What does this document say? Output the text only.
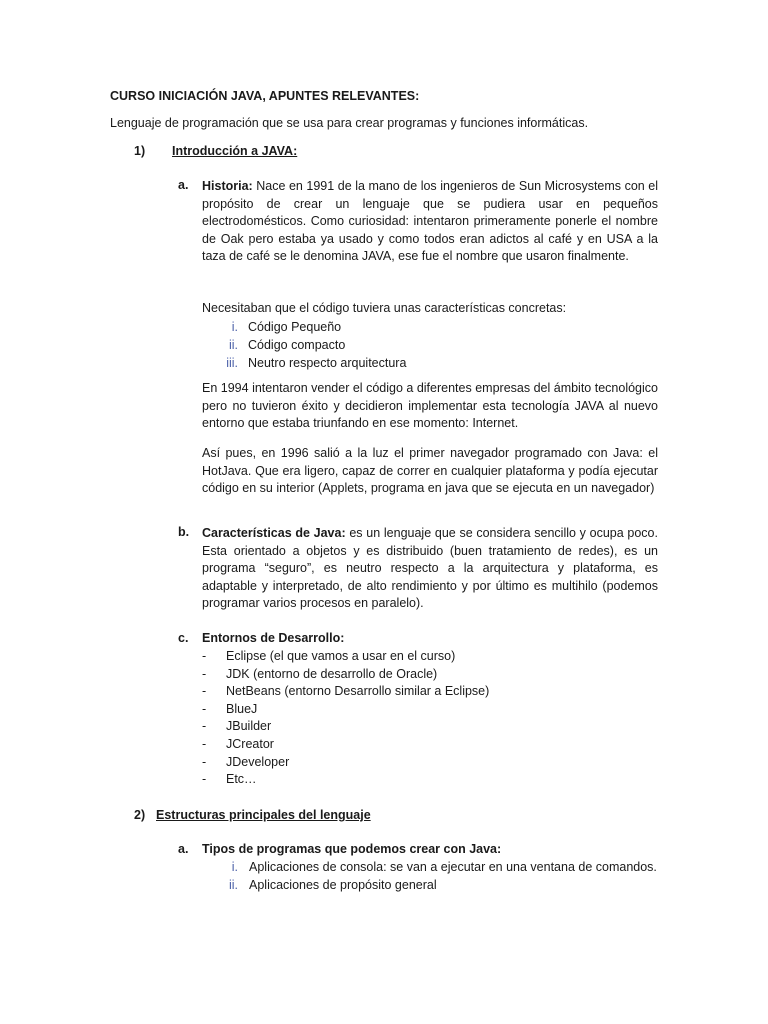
CURSO INICIACIÓN JAVA, APUNTES RELEVANTES:
Lenguaje de programación que se usa para crear programas y funciones informáticas.
1) Introducción a JAVA:
a. Historia: Nace en 1991 de la mano de los ingenieros de Sun Microsystems con el propósito de crear un lenguaje que se pudiera usar en pequeños electrodomésticos. Como curiosidad: intentaron primeramente ponerle el nombre de Oak pero estaba ya usado y como todos eran adictos al café y en USA a la taza de café se le denomina JAVA, ese fue el nombre que usaron finalmente.
Necesitaban que el código tuviera unas características concretas:
i. Código Pequeño
ii. Código compacto
iii. Neutro respecto arquitectura
En 1994 intentaron vender el código a diferentes empresas del ámbito tecnológico pero no tuvieron éxito y decidieron implementar esta tecnología JAVA al nuevo entorno que estaba triunfando en ese momento: Internet.
Así pues, en 1996 salió a la luz el primer navegador programado con Java: el HotJava. Que era ligero, capaz de correr en cualquier plataforma y podía ejecutar código en su interior (Applets, programa en java que se ejecuta en un navegador)
b. Características de Java: es un lenguaje que se considera sencillo y ocupa poco. Esta orientado a objetos y es distribuido (buen tratamiento de redes), es un programa “seguro”, es neutro respecto a la arquitectura y plataforma, es adaptable y interpretado, de alto rendimiento y por último es multihilo (podemos programar varios procesos en paralelo).
c. Entornos de Desarrollo:
- Eclipse (el que vamos a usar en el curso)
- JDK (entorno de desarrollo de Oracle)
- NetBeans (entorno Desarrollo similar a Eclipse)
- BlueJ
- JBuilder
- JCreator
- JDeveloper
- Etc…
2) Estructuras principales del lenguaje
a. Tipos de programas que podemos crear con Java:
i. Aplicaciones de consola: se van a ejecutar en una ventana de comandos.
ii. Aplicaciones de propósito general
